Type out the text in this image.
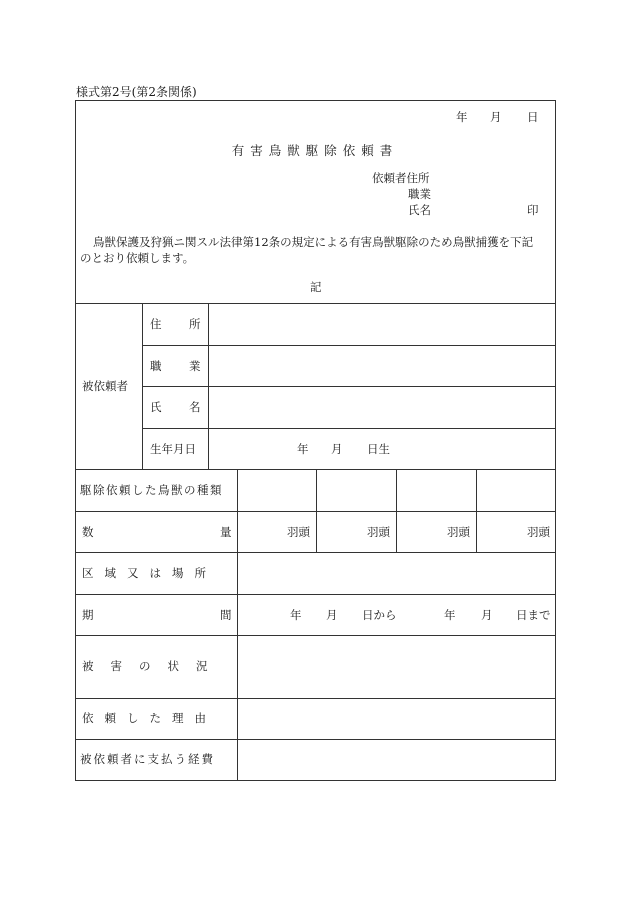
様式第2号(第2条関係)
年 月 日
有害鳥獣駆除依頼書
依頼者住所
職業
氏名	印
鳥獣保護及狩猟ニ関スル法律第12条の規定による有害鳥獣駆除のため鳥獣捕獲を下記
のとおり依頼します。
記
被依頼者
住　所
職　業
氏　名
生年月日	年 月 日生
駆除依頼した鳥獣の種類
数	量	羽頭	羽頭	羽頭	羽頭
区域又は場所
期	間	年 月 日から	年 月 日まで
被害の状況
依頼した理由
被依頼者に支払う経費
